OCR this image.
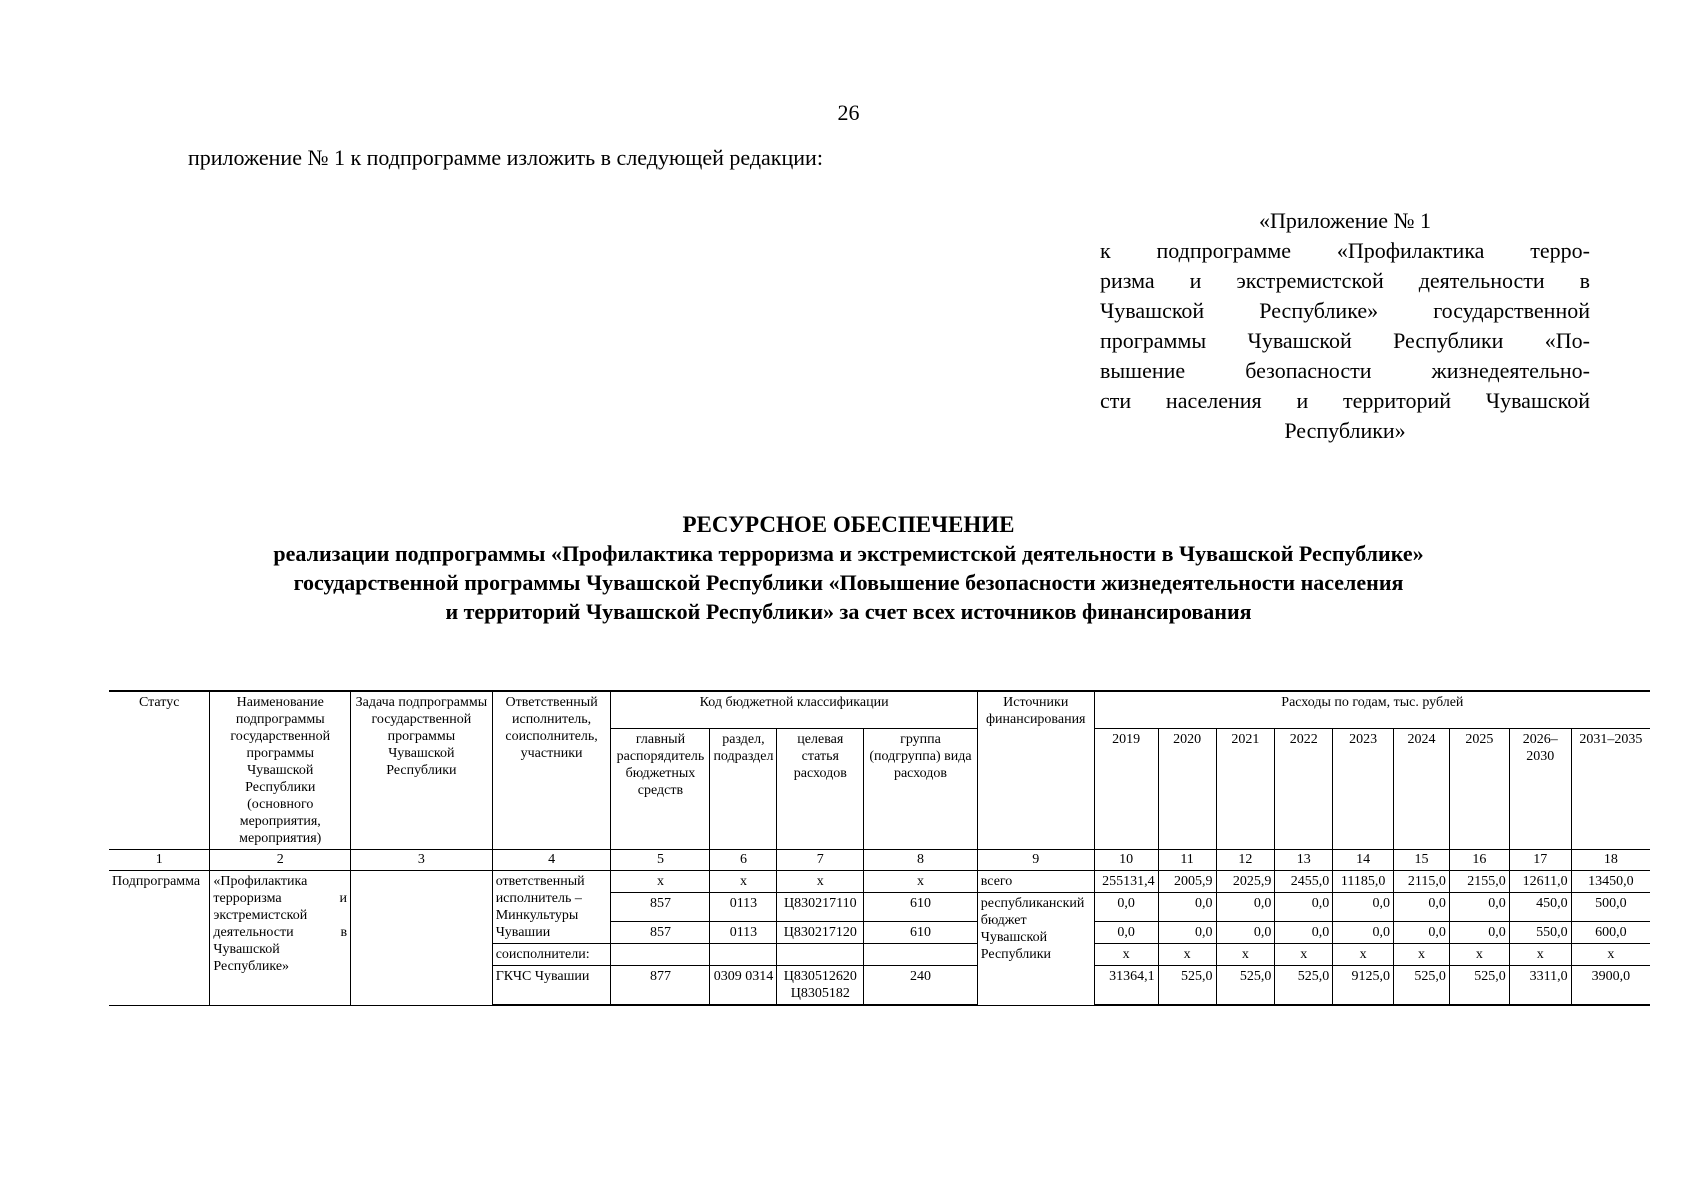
26
приложение № 1 к подпрограмме изложить в следующей редакции:
«Приложение № 1
к подпрограмме «Профилактика терро-
ризма и экстремистской деятельности в
Чувашской Республике» государственной
программы Чувашской Республики «По-
вышение безопасности жизнедеятельно-
сти населения и территорий Чувашской
Республики»
РЕСУРСНОЕ ОБЕСПЕЧЕНИЕ
реализации подпрограммы «Профилактика терроризма и экстремистской деятельности в Чувашской Республике»
государственной программы Чувашской Республики «Повышение безопасности жизнедеятельности населения
и территорий Чувашской Республики» за счет всех источников финансирования
Статус	Наименование подпрограммы государственной программы Чувашской Республики (основного мероприятия, мероприятия)	Задача подпрограммы государственной программы Чувашской Республики	Ответственный исполнитель, соисполнитель, участники	Код бюджетной классификации				Источники финансирования	Расходы по годам, тыс. рублей								
				главный распорядитель бюджетных средств	раздел, подраздел	целевая статья расходов	группа (подгруппа) вида расходов		2019	2020	2021	2022	2023	2024	2025	2026–2030	2031–2035
1	2	3	4	5	6	7	8	9	10	11	12	13	14	15	16	17	18
Подпрограмма	«Профилактика терроризма и экстремистской деятельности в Чувашской Республике»		ответственный исполнитель – Минкультуры Чувашии	x	x	x	x	всего	255131,4	2005,9	2025,9	2455,0	11185,0	2115,0	2155,0	12611,0	13450,0
				857	0113	Ц830217110	610	республиканский бюджет Чувашской Республики	0,0	0,0	0,0	0,0	0,0	0,0	0,0	450,0	500,0
				857	0113	Ц830217120	610		0,0	0,0	0,0	0,0	0,0	0,0	0,0	550,0	600,0
			соисполнители:						x	x	x	x	x	x	x	x	x
			ГКЧС Чувашии	877	0309 0314	Ц830512620 Ц8305182	240		31364,1	525,0	525,0	525,0	9125,0	525,0	525,0	3311,0	3900,0
